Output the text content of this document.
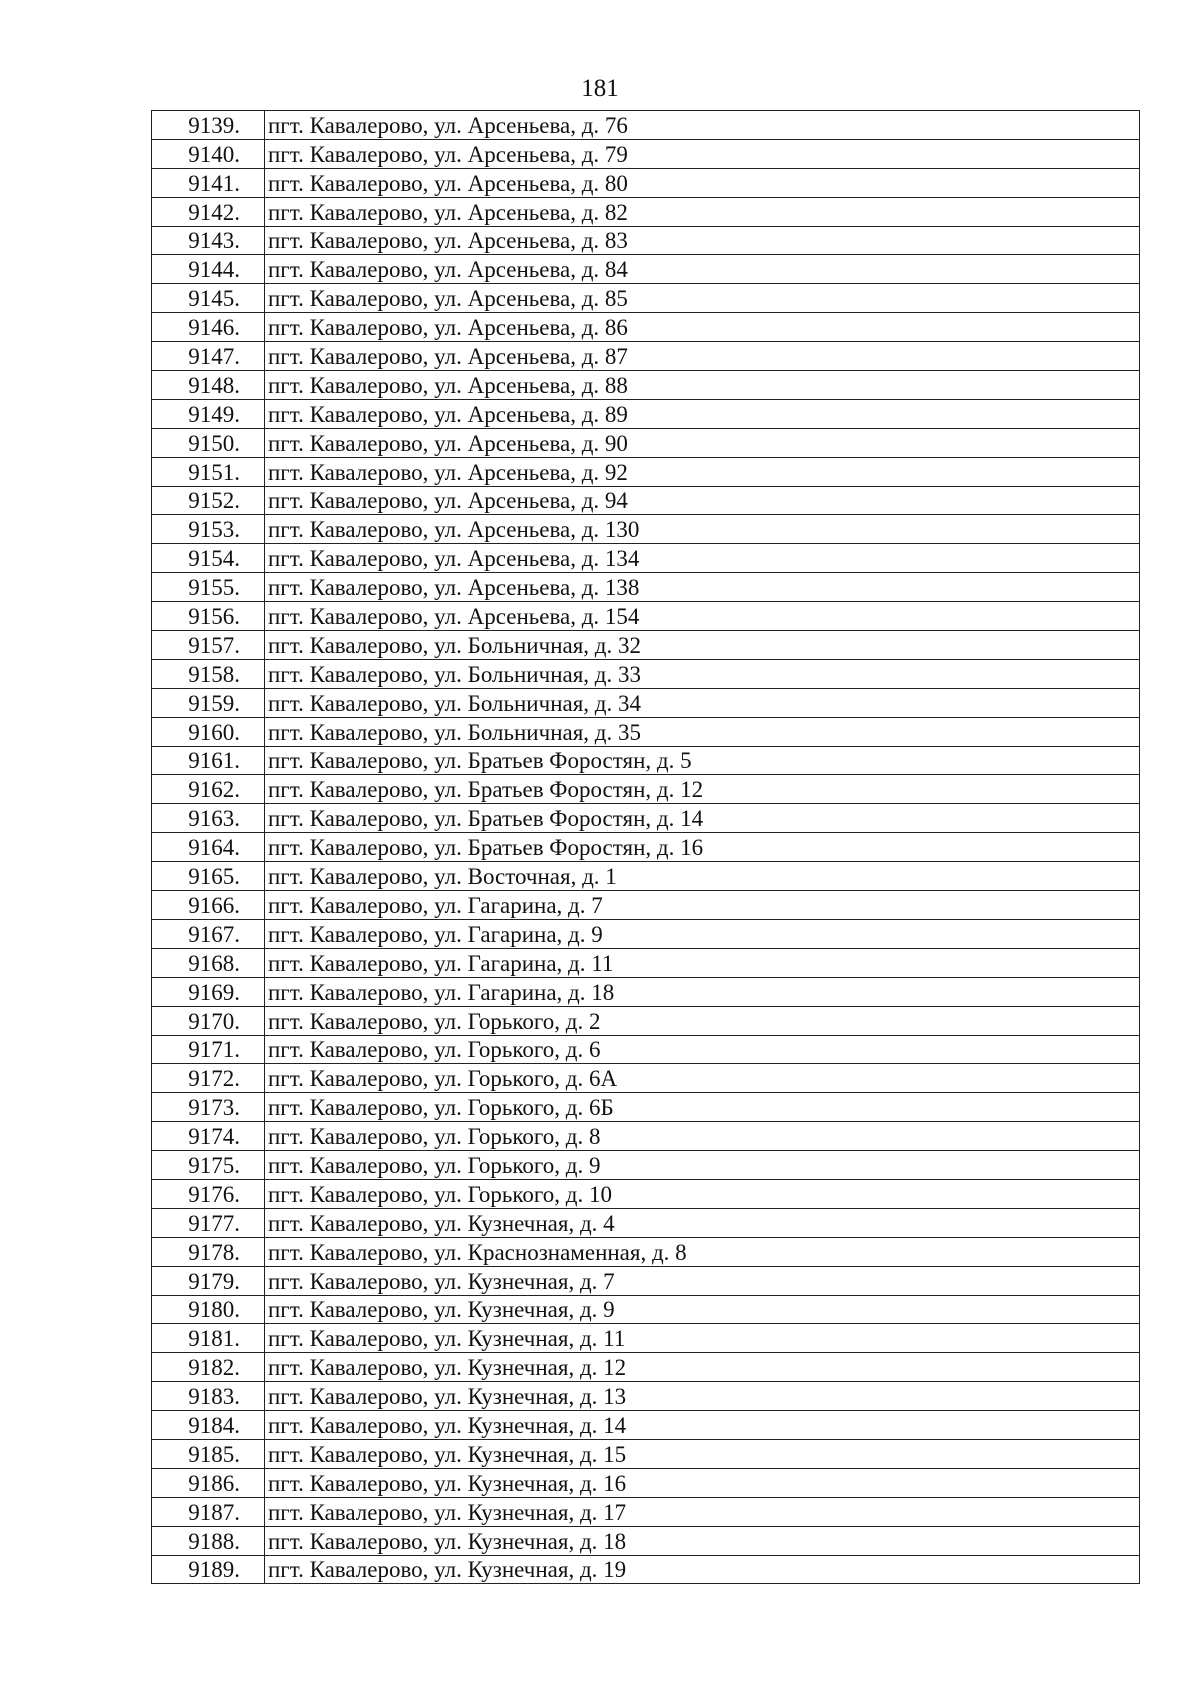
181
9139.	пгт. Кавалерово, ул. Арсеньева, д. 76
9140.	пгт. Кавалерово, ул. Арсеньева, д. 79
9141.	пгт. Кавалерово, ул. Арсеньева, д. 80
9142.	пгт. Кавалерово, ул. Арсеньева, д. 82
9143.	пгт. Кавалерово, ул. Арсеньева, д. 83
9144.	пгт. Кавалерово, ул. Арсеньева, д. 84
9145.	пгт. Кавалерово, ул. Арсеньева, д. 85
9146.	пгт. Кавалерово, ул. Арсеньева, д. 86
9147.	пгт. Кавалерово, ул. Арсеньева, д. 87
9148.	пгт. Кавалерово, ул. Арсеньева, д. 88
9149.	пгт. Кавалерово, ул. Арсеньева, д. 89
9150.	пгт. Кавалерово, ул. Арсеньева, д. 90
9151.	пгт. Кавалерово, ул. Арсеньева, д. 92
9152.	пгт. Кавалерово, ул. Арсеньева, д. 94
9153.	пгт. Кавалерово, ул. Арсеньева, д. 130
9154.	пгт. Кавалерово, ул. Арсеньева, д. 134
9155.	пгт. Кавалерово, ул. Арсеньева, д. 138
9156.	пгт. Кавалерово, ул. Арсеньева, д. 154
9157.	пгт. Кавалерово, ул. Больничная, д. 32
9158.	пгт. Кавалерово, ул. Больничная, д. 33
9159.	пгт. Кавалерово, ул. Больничная, д. 34
9160.	пгт. Кавалерово, ул. Больничная, д. 35
9161.	пгт. Кавалерово, ул. Братьев Форостян, д. 5
9162.	пгт. Кавалерово, ул. Братьев Форостян, д. 12
9163.	пгт. Кавалерово, ул. Братьев Форостян, д. 14
9164.	пгт. Кавалерово, ул. Братьев Форостян, д. 16
9165.	пгт. Кавалерово, ул. Восточная, д. 1
9166.	пгт. Кавалерово, ул. Гагарина, д. 7
9167.	пгт. Кавалерово, ул. Гагарина, д. 9
9168.	пгт. Кавалерово, ул. Гагарина, д. 11
9169.	пгт. Кавалерово, ул. Гагарина, д. 18
9170.	пгт. Кавалерово, ул. Горького, д. 2
9171.	пгт. Кавалерово, ул. Горького, д. 6
9172.	пгт. Кавалерово, ул. Горького, д. 6А
9173.	пгт. Кавалерово, ул. Горького, д. 6Б
9174.	пгт. Кавалерово, ул. Горького, д. 8
9175.	пгт. Кавалерово, ул. Горького, д. 9
9176.	пгт. Кавалерово, ул. Горького, д. 10
9177.	пгт. Кавалерово, ул. Кузнечная, д. 4
9178.	пгт. Кавалерово, ул. Краснознаменная, д. 8
9179.	пгт. Кавалерово, ул. Кузнечная, д. 7
9180.	пгт. Кавалерово, ул. Кузнечная, д. 9
9181.	пгт. Кавалерово, ул. Кузнечная, д. 11
9182.	пгт. Кавалерово, ул. Кузнечная, д. 12
9183.	пгт. Кавалерово, ул. Кузнечная, д. 13
9184.	пгт. Кавалерово, ул. Кузнечная, д. 14
9185.	пгт. Кавалерово, ул. Кузнечная, д. 15
9186.	пгт. Кавалерово, ул. Кузнечная, д. 16
9187.	пгт. Кавалерово, ул. Кузнечная, д. 17
9188.	пгт. Кавалерово, ул. Кузнечная, д. 18
9189.	пгт. Кавалерово, ул. Кузнечная, д. 19
